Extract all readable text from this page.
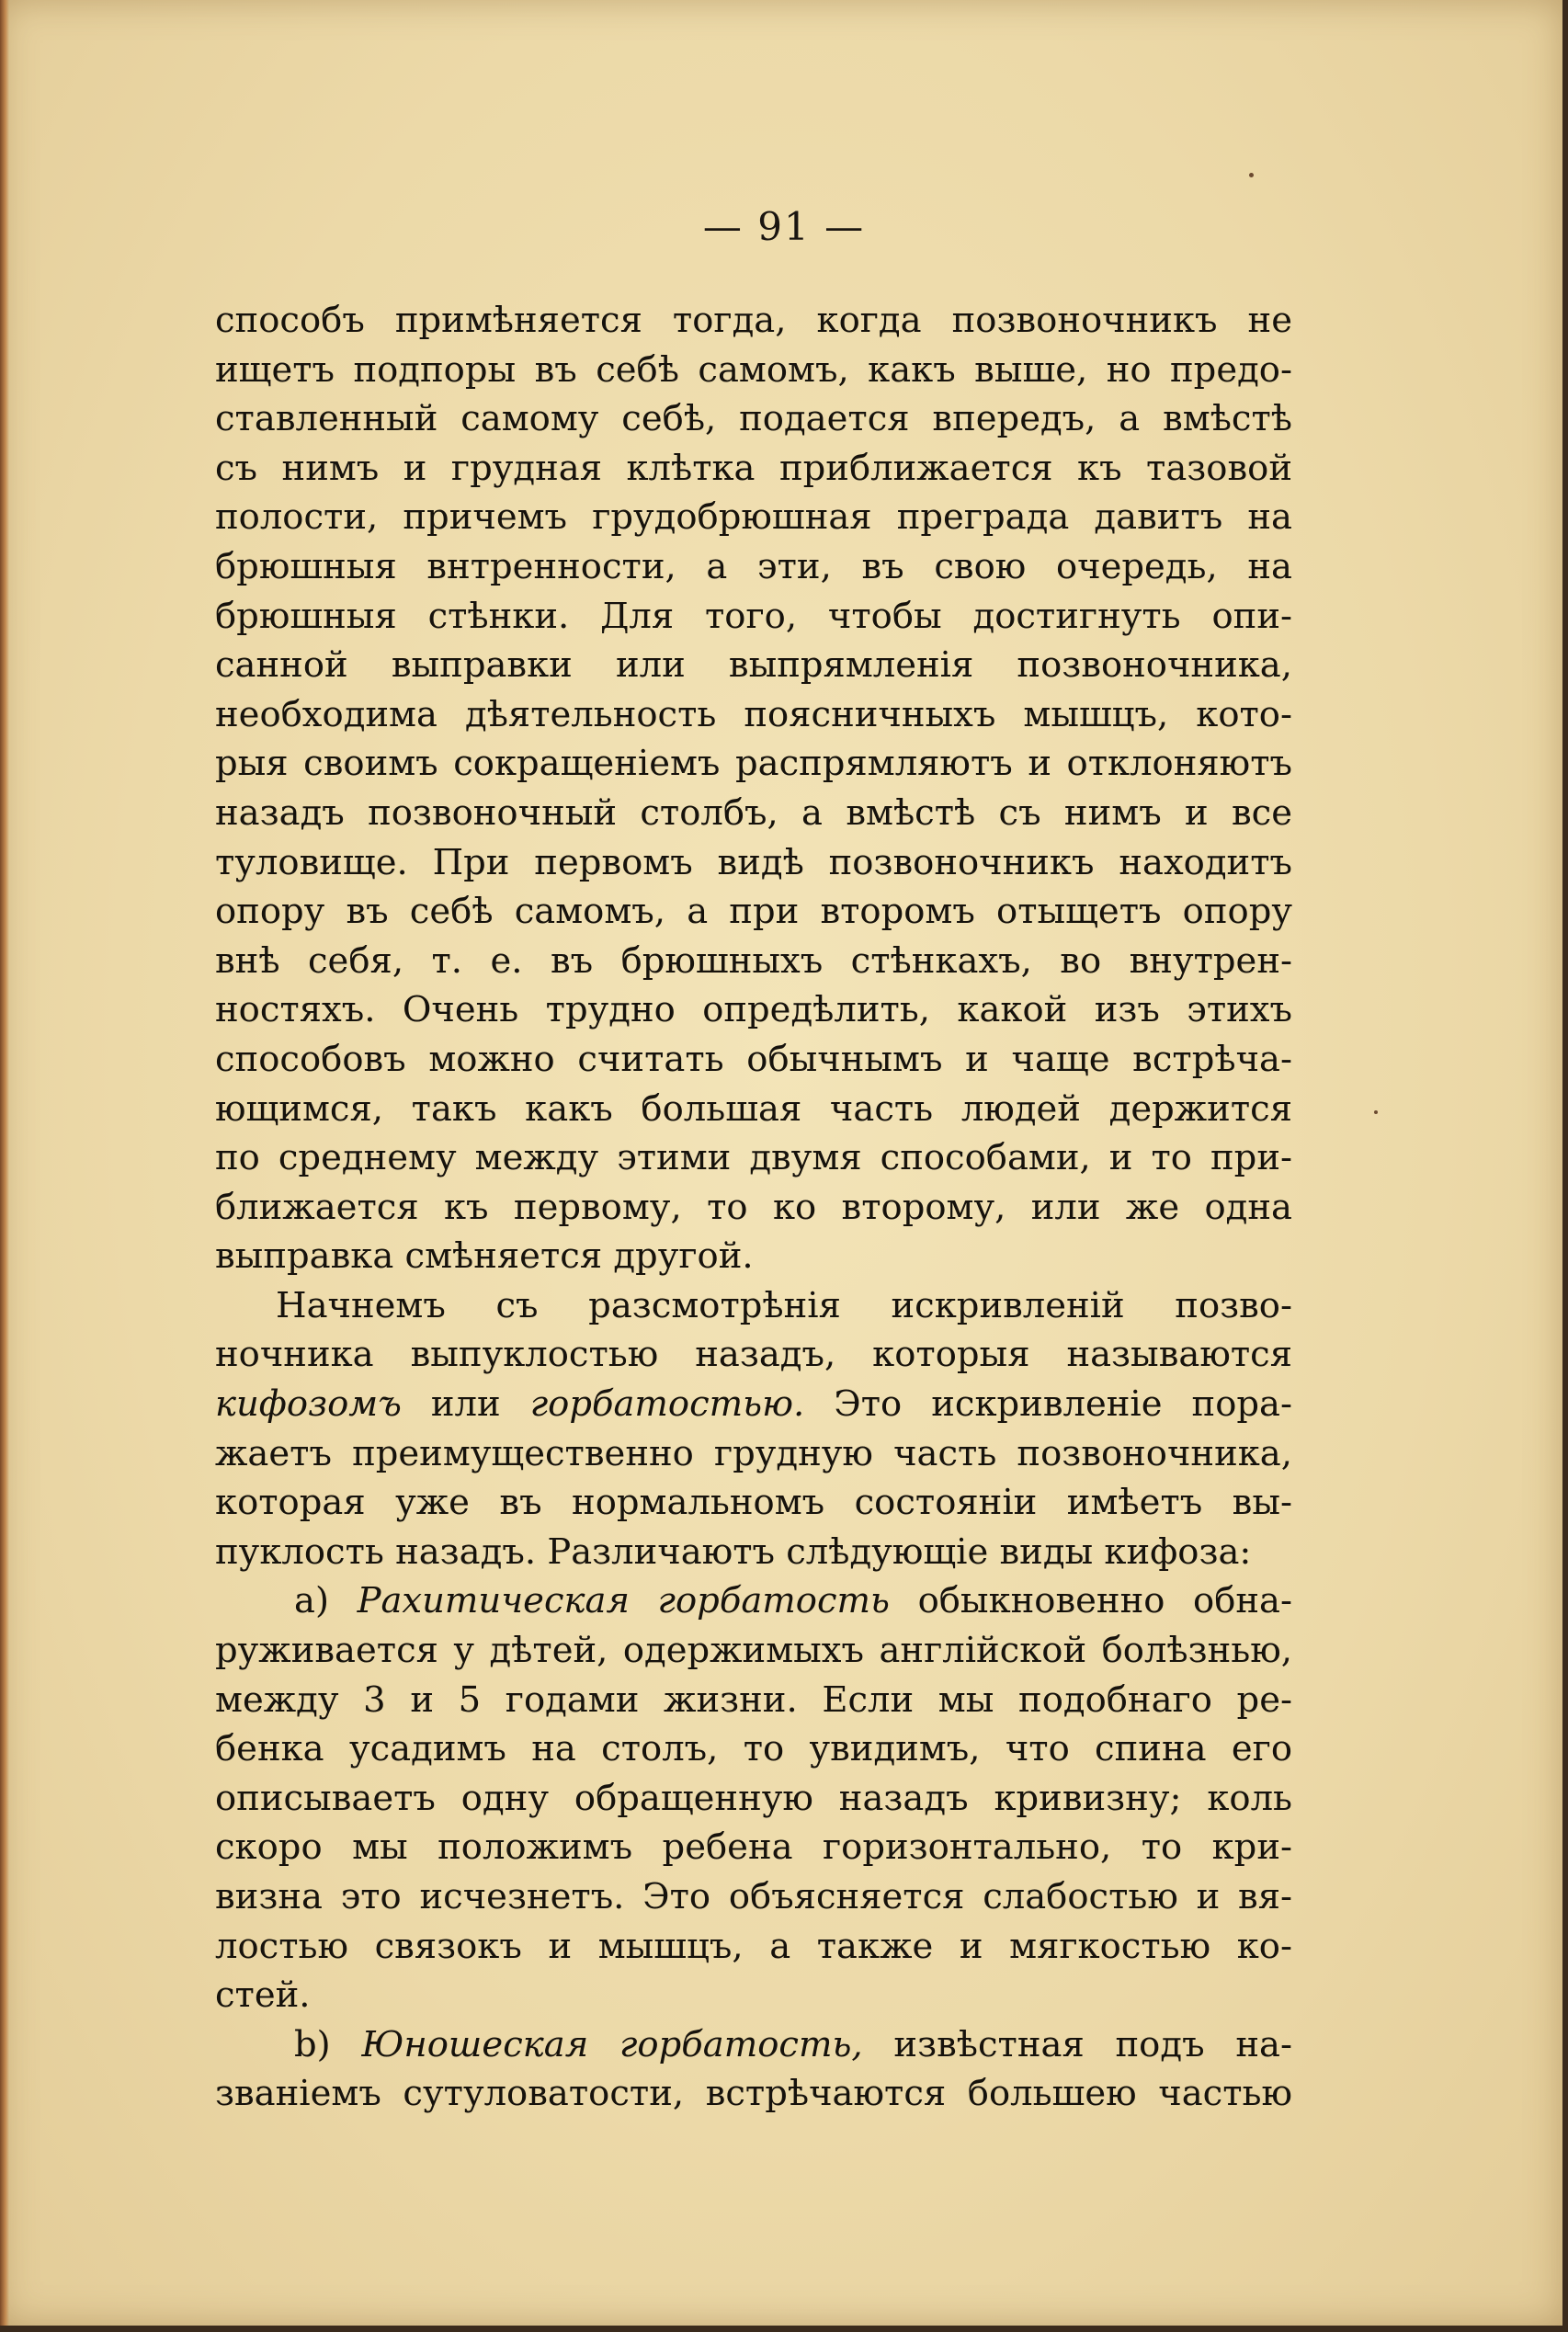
— 91 —

способъ примѣняется тогда, когда позвоночникъ не
ищетъ подпоры въ себѣ самомъ, какъ выше, но предо-
ставленный самому себѣ, подается впередъ, а вмѣстѣ
съ нимъ и грудная клѣтка приближается къ тазовой
полости, причемъ грудобрюшная преграда давитъ на
брюшныя внтренности, а эти, въ свою очередь, на
брюшныя стѣнки. Для того, чтобы достигнуть опи-
санной выправки или выпрямленія позвоночника,
необходима дѣятельность поясничныхъ мышцъ, кото-
рыя своимъ сокращеніемъ распрямляютъ и отклоняютъ
назадъ позвоночный столбъ, а вмѣстѣ съ нимъ и все
туловище. При первомъ видѣ позвоночникъ находитъ
опору въ себѣ самомъ, а при второмъ отыщетъ опору
внѣ себя, т. е. въ брюшныхъ стѣнкахъ, во внутрен-
ностяхъ. Очень трудно опредѣлить, какой изъ этихъ
способовъ можно считать обычнымъ и чаще встрѣча-
ющимся, такъ какъ большая часть людей держится
по среднему между этими двумя способами, и то при-
ближается къ первому, то ко второму, или же одна
выправка смѣняется другой.

Начнемъ съ разсмотрѣнія искривленій позво-
ночника выпуклостью назадъ, которыя называются
кифозомъ или горбатостью. Это искривленіе пора-
жаетъ преимущественно грудную часть позвоночника,
которая уже въ нормальномъ состояніи имѣетъ вы-
пуклость назадъ. Различаютъ слѣдующіе виды кифоза:

a) Рахитическая горбатость обыкновенно обна-
руживается у дѣтей, одержимыхъ англійской болѣзнью,
между 3 и 5 годами жизни. Если мы подобнаго ре-
бенка усадимъ на столъ, то увидимъ, что спина его
описываетъ одну обращенную назадъ кривизну; коль
скоро мы положимъ ребена горизонтально, то кри-
визна это исчезнетъ. Это объясняется слабостью и вя-
лостью связокъ и мышцъ, а также и мягкостью ко-
стей.

b) Юношеская горбатость, извѣстная подъ на-
званіемъ сутуловатости, встрѣчаются большею частью
